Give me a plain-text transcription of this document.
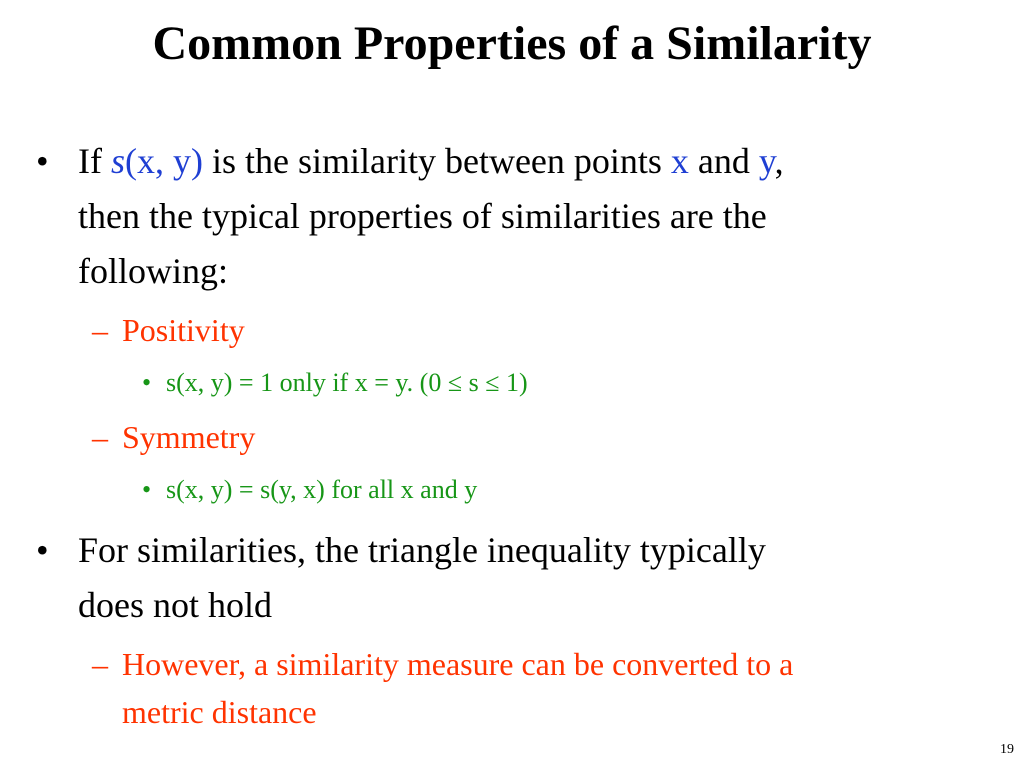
Common Properties of a Similarity
• If s(x, y) is the similarity between points x and y,
then the typical properties of similarities are the
following:
– Positivity
• s(x, y) = 1 only if x = y. (0 ≤ s ≤ 1)
– Symmetry
• s(x, y) = s(y, x) for all x and y
• For similarities, the triangle inequality typically
does not hold
– However, a similarity measure can be converted to a
metric distance
19
